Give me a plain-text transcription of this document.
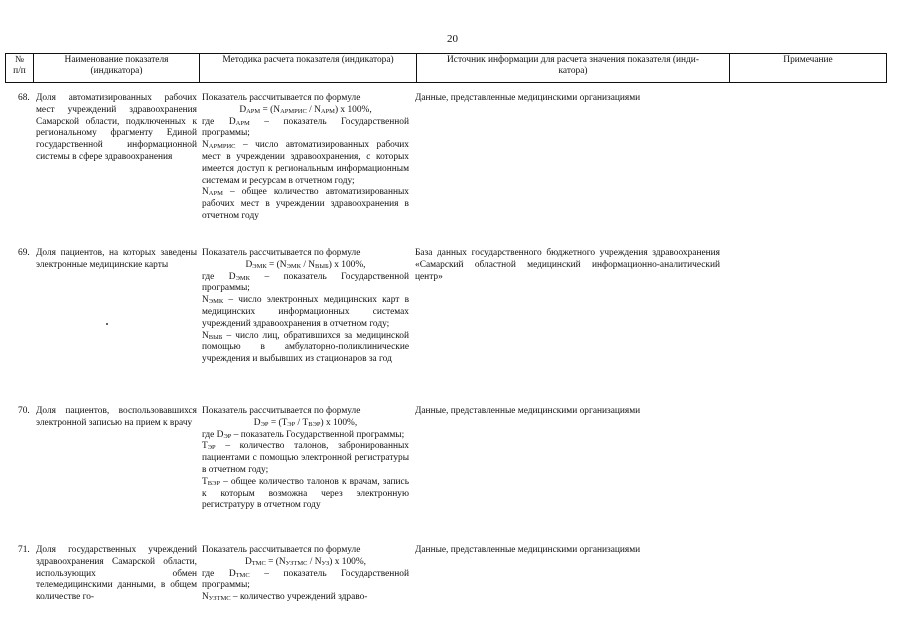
20
№
п/п
Наименование показателя
(индикатора)
Методика расчета показателя (индикатора)	Источник информации для расчета значения показателя (инди-
катора)
Примечание
68. Доля автоматизированных рабочих мест учреждений здравоохранения Самарской области, подключенных к региональному фрагменту Единой государственной информационной системы в сфере здравоохранения
Показатель рассчитывается по формуле
$D_{АРМ} = (N_{АРМРИС} / N_{АРМ})$ х 100%,
где $D_{АРМ}$ – показатель Государственной программы;
$N_{АРМРИС}$ – число автоматизированных рабочих мест в учреждении здравоохранения, с которых имеется доступ к региональным информационным системам и ресурсам в отчетном году;
$N_{АРМ}$ – общее количество автоматизированных рабочих мест в учреждении здравоохранения в отчетном году
Данные, представленные медицинскими организациями
69. Доля пациентов, на которых заведены электронные медицинские карты
Показатель рассчитывается по формуле
$D_{ЭМК} = (N_{ЭМК} / N_{ВЫБ})$ х 100%,
где $D_{ЭМК}$ – показатель Государственной программы;
$N_{ЭМК}$ – число электронных медицинских карт в медицинских информационных системах учреждений здравоохранения в отчетном году;
$N_{ВЫБ}$ – число лиц, обратившихся за медицинской помощью в амбулаторно-поликлинические учреждения и выбывших из стационаров за год
База данных государственного бюджетного учреждения здравоохранения «Самарский областной медицинский информационно-аналитический центр»
70. Доля пациентов, воспользовавшихся электронной записью на прием к врачу
Показатель рассчитывается по формуле
$D_{ЭР} = (Т_{ЭР} / Т_{ВЭР})$ х 100%,
где $D_{ЭР}$ – показатель Государственной программы;
$Т_{ЭР}$ – количество талонов, забронированных пациентами с помощью электронной регистратуры в отчетном году;
$Т_{ВЭР}$ – общее количество талонов к врачам, запись к которым возможна через электронную регистратуру в отчетном году
Данные, представленные медицинскими организациями
71. Доля государственных учреждений здравоохранения Самарской области, использующих обмен телемедицинскими данными, в общем количестве го-
Показатель рассчитывается по формуле
$D_{ТМС} = (N_{УЗТМС} / N_{УЗ})$ х 100%,
где $D_{ТМС}$ – показатель Государственной программы;
$N_{УЗТМС}$ – количество учреждений здраво-
Данные, представленные медицинскими организациями
